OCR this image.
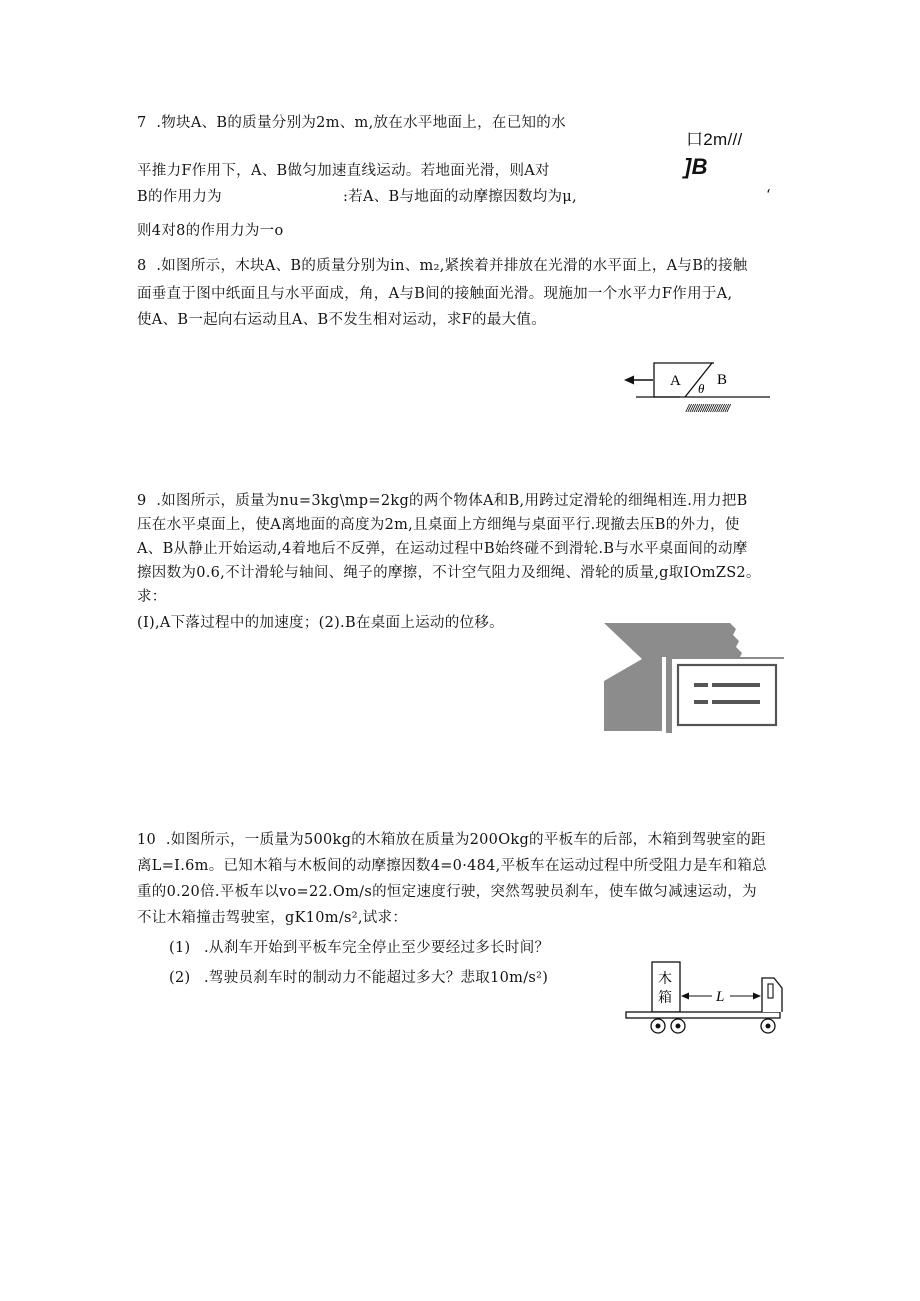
7  .物块A、B的质量分别为2m、m,放在水平地面上，在已知的水
平推力F作用下，A、B做匀加速直线运动。若地面光滑，则A对
B的作用力为	:若A、B与地面的动摩擦因数均为μ,
则4对8的作用力为一o
口2m///
]B
‘
8  .如图所示，木块A、B的质量分别为in、m₂,紧挨着并排放在光滑的水平面上，A与B的接触
面垂直于图中纸面且与水平面成，角，A与B间的接触面光滑。现施加一个水平力F作用于A,
使A、B一起向右运动且A、B不发生相对运动，求F的最大值。
A θ
B
/////////////////////
9  .如图所示，质量为nu=3kg\mp=2kg的两个物体A和B,用跨过定滑轮的细绳相连.用力把B
压在水平桌面上，使A离地面的高度为2m,且桌面上方细绳与桌面平行.现撤去压B的外力，使
A、B从静止开始运动,4着地后不反弹，在运动过程中B始终碰不到滑轮.B与水平桌面间的动摩
擦因数为0.6,不计滑轮与轴间、绳子的摩擦，不计空气阻力及细绳、滑轮的质量,g取IOmZS2。
求：
(I),A下落过程中的加速度；(2).B在桌面上运动的位移。
10  .如图所示，一质量为500kg的木箱放在质量为200Okg的平板车的后部，木箱到驾驶室的距
离L=I.6m。已知木箱与木板间的动摩擦因数4=0·484,平板车在运动过程中所受阻力是车和箱总
重的0.20倍.平板车以vo=22.Om∕s的恒定速度行驶，突然驾驶员刹车，使车做匀减速运动，为
不让木箱撞击驾驶室，gK10m∕s²,试求：
(1) .从刹车开始到平板车完全停止至少要经过多长时间？
(2) .驾驶员刹车时的制动力不能超过多大？悲取10m∕s²)	木
箱	L
